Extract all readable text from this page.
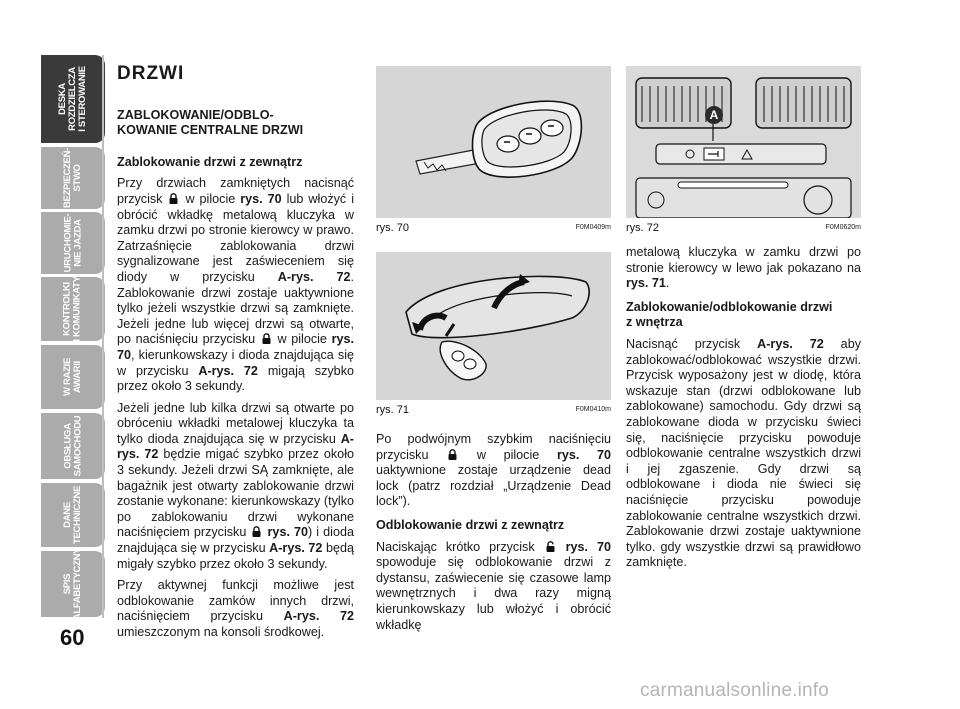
DESKA
ROZDZIELCZA
I STEROWANIE
BEZPIECZEŃ-
STWO
URUCHOMIE-
NIE JAZDA
KONTROLKI
I KOMUNIKATY
W RAZIE
AWARII
OBSŁUGA
SAMOCHODU
DANE
TECHNICZNE
SPIS
ALFABETYCZNY
60
DRZWI
ZABLOKOWANIE/ODBLO-
KOWANIE CENTRALNE DRZWI
Zablokowanie drzwi z zewnątrz

Przy drzwiach zamkniętych nacisnąć przycisk  w pilocie rys. 70 lub włożyć i obrócić wkładkę metalową kluczyka w zamku drzwi po stronie kierowcy w prawo. Zatrzaśnięcie zablokowania drzwi sygnalizowane jest zaświeceniem się diody w przycisku A-rys. 72. Zablokowanie drzwi zostaje uaktywnione tylko jeżeli wszystkie drzwi są zamknięte. Jeżeli jedne lub więcej drzwi są otwarte, po naciśnięciu przycisku  w pilocie rys. 70, kierunkowskazy i dioda znajdująca się w przycisku A-rys. 72 migają szybko przez około 3 sekundy.

Jeżeli jedne lub kilka drzwi są otwarte po obróceniu wkładki metalowej kluczyka ta tylko dioda znajdująca się w przycisku A-rys. 72 będzie migać szybko przez około 3 sekundy. Jeżeli drzwi SĄ zamknięte, ale bagażnik jest otwarty zablokowanie drzwi zostanie wykonane: kierunkowskazy (tylko po zablokowaniu drzwi wykonane naciśnięciem przycisku  rys. 70) i dioda znajdująca się w przycisku A-rys. 72 będą migały szybko przez około 3 sekundy.

Przy aktywnej funkcji możliwe jest odblokowanie zamków innych drzwi, naciśnięciem przycisku A-rys. 72 umieszczonym na konsoli środkowej.

rys. 70	F0M0409m
rys. 71	F0M0410m
A
rys. 72	F0M0620m

Po podwójnym szybkim naciśnięciu przycisku  w pilocie rys. 70 uaktywnione zostaje urządzenie dead lock (patrz rozdział „Urządzenie Dead lock”).

Odblokowanie drzwi z zewnątrz

Naciskając krótko przycisk  rys. 70 spowoduje się odblokowanie drzwi z dystansu, zaświecenie się czasowe lamp wewnętrznych i dwa razy migną kierunkowskazy lub włożyć i obrócić wkładkę

metalową kluczyka w zamku drzwi po stronie kierowcy w lewo jak pokazano na rys. 71.

Zablokowanie/odblokowanie drzwi
z wnętrza

Nacisnąć przycisk A-rys. 72 aby zablokować/odblokować wszystkie drzwi. Przycisk wyposażony jest w diodę, która wskazuje stan (drzwi odblokowane lub zablokowane) samochodu. Gdy drzwi są zablokowane dioda w przycisku świeci się, naciśnięcie przycisku powoduje odblokowanie centralne wszystkich drzwi i jej zgaszenie. Gdy drzwi są odblokowane i dioda nie świeci się naciśnięcie przycisku powoduje zablokowanie centralne wszystkich drzwi. Zablokowanie drzwi zostaje uaktywnione tylko. gdy wszystkie drzwi są prawidłowo zamknięte.

carmanualsonline.info
